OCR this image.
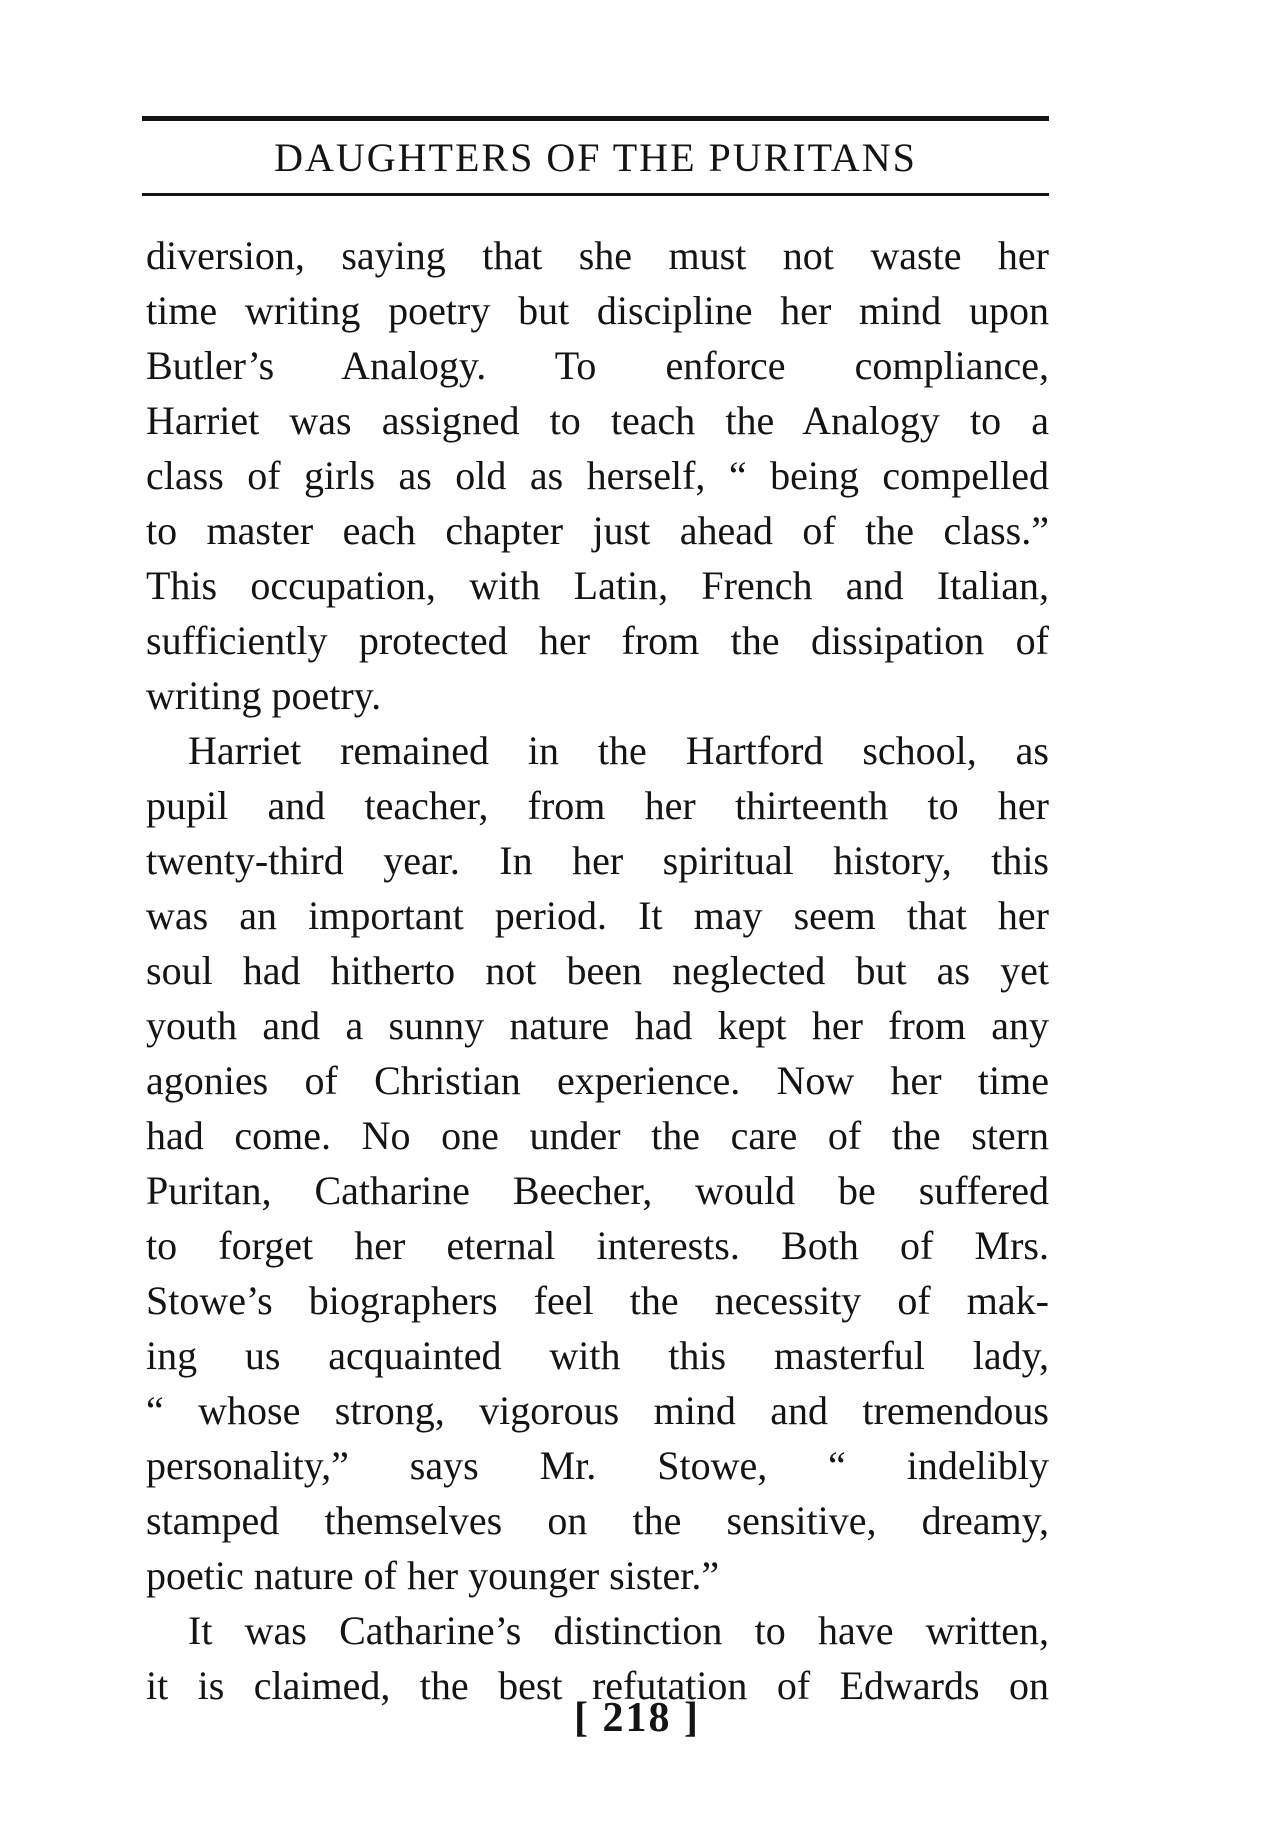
DAUGHTERS OF THE PURITANS
diversion, saying that she must not waste her
time writing poetry but discipline her mind upon
Butler’s Analogy. To enforce compliance,
Harriet was assigned to teach the Analogy to a
class of girls as old as herself, “ being compelled
to master each chapter just ahead of the class.”
This occupation, with Latin, French and Italian,
sufficiently protected her from the dissipation of
writing poetry.
Harriet remained in the Hartford school, as
pupil and teacher, from her thirteenth to her
twenty-third year. In her spiritual history, this
was an important period. It may seem that her
soul had hitherto not been neglected but as yet
youth and a sunny nature had kept her from any
agonies of Christian experience. Now her time
had come. No one under the care of the stern
Puritan, Catharine Beecher, would be suffered
to forget her eternal interests. Both of Mrs.
Stowe’s biographers feel the necessity of mak-
ing us acquainted with this masterful lady,
“ whose strong, vigorous mind and tremendous
personality,” says Mr. Stowe, “ indelibly
stamped themselves on the sensitive, dreamy,
poetic nature of her younger sister.”
It was Catharine’s distinction to have written,
it is claimed, the best refutation of Edwards on
[ 218 ]
